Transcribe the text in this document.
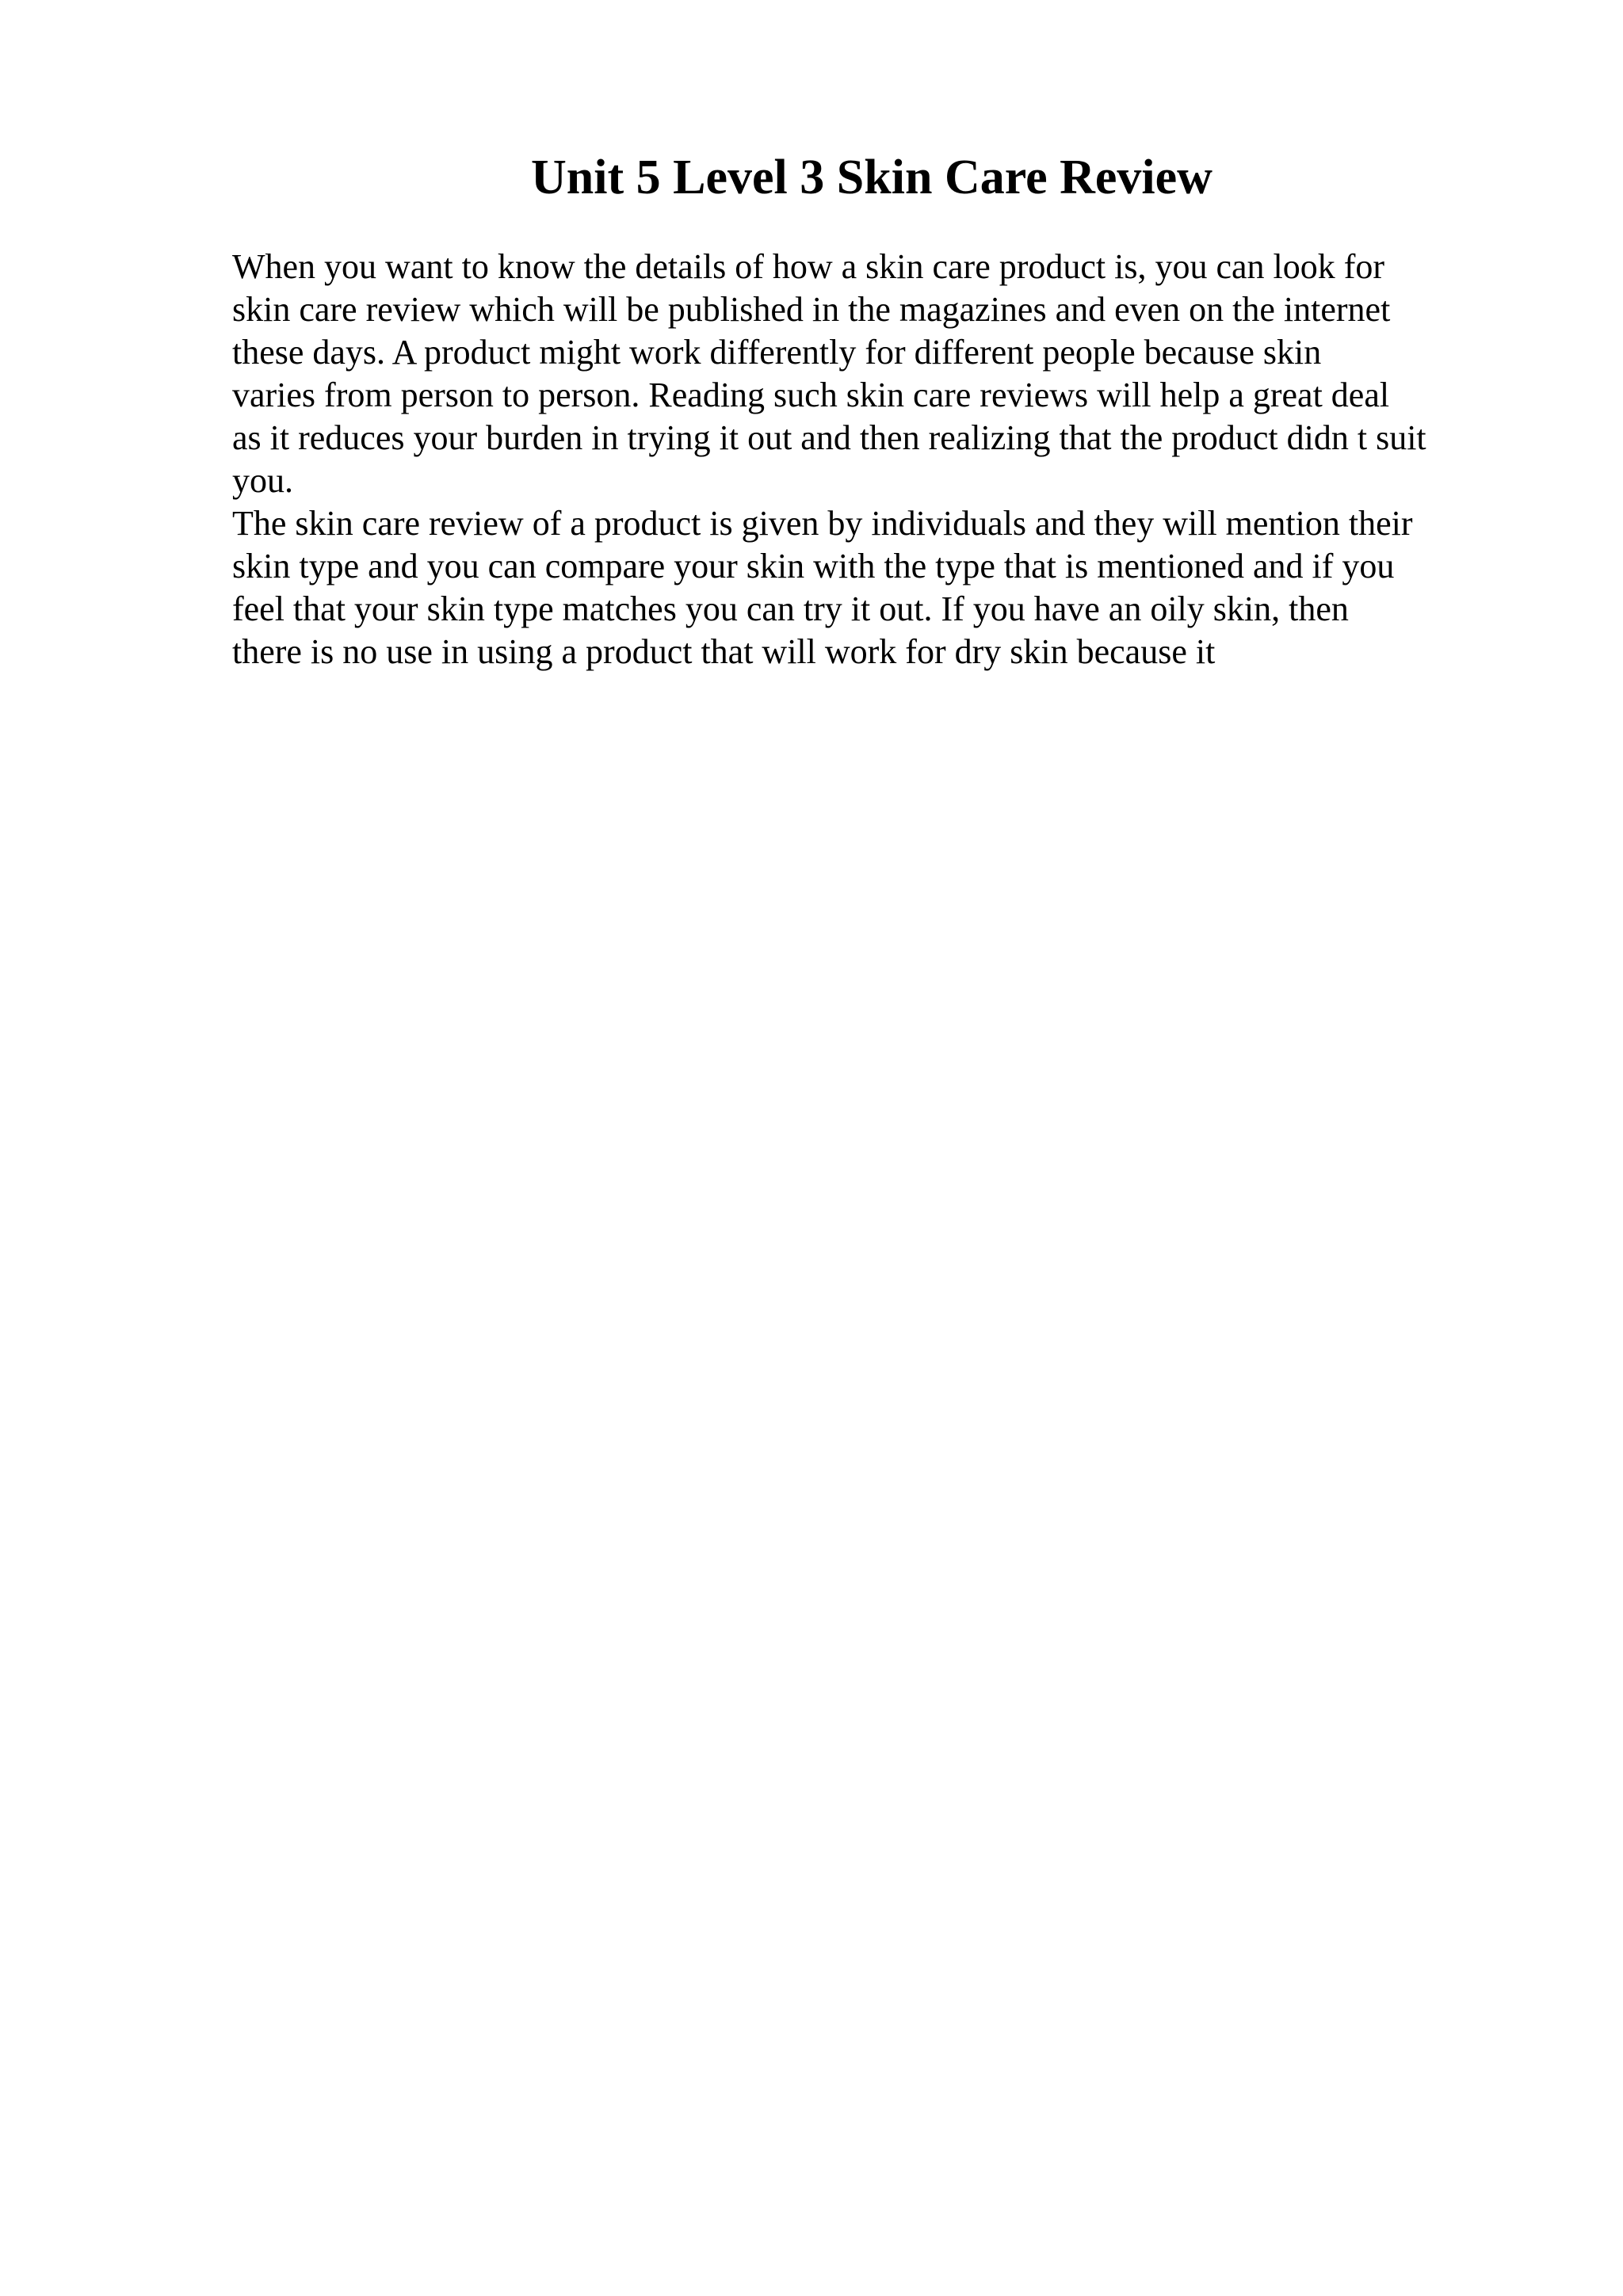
Unit 5 Level 3 Skin Care Review
When you want to know the details of how a skin care product is, you can look for
skin care review which will be published in the magazines and even on the internet
these days. A product might work differently for different people because skin
varies from person to person. Reading such skin care reviews will help a great deal
as it reduces your burden in trying it out and then realizing that the product didn t suit
you.
The skin care review of a product is given by individuals and they will mention their
skin type and you can compare your skin with the type that is mentioned and if you
feel that your skin type matches you can try it out. If you have an oily skin, then
there is no use in using a product that will work for dry skin because it
